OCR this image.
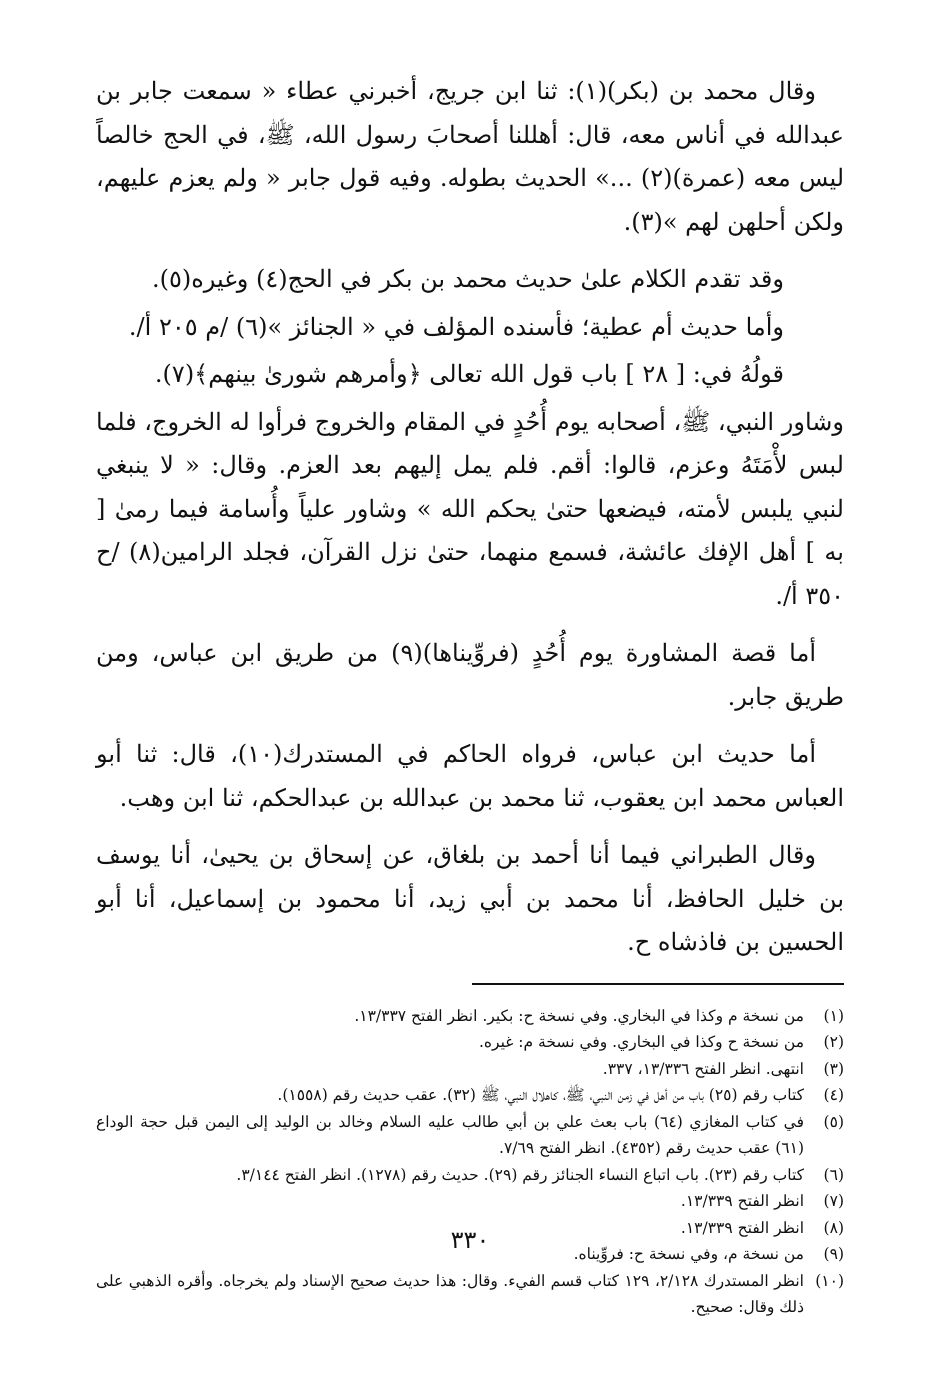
وقال محمد بن (بكر)(١): ثنا ابن جريج، أخبرني عطاء « سمعت جابر بن عبدالله في أناس معه، قال: أهللنا أصحابَ رسول الله، ﷺ، في الحج خالصاً ليس معه (عمرة)(٢) ...» الحديث بطوله. وفيه قول جابر « ولم يعزم عليهم، ولكن أحلهن لهم »(٣).

وقد تقدم الكلام علىٰ حديث محمد بن بكر في الحج(٤) وغيره(٥).

وأما حديث أم عطية؛ فأسنده المؤلف في « الجنائز »(٦) /م ٢٠٥ أ/.

قولُهُ في: [ ٢٨ ] باب قول الله تعالى ﴿وأمرهم شورىٰ بينهم﴾(٧).

وشاور النبي، ﷺ، أصحابه يوم أُحُدٍ في المقام والخروج فرأوا له الخروج، فلما لبس لأْمَتَهُ وعزم، قالوا: أقم. فلم يمل إليهم بعد العزم. وقال: « لا ينبغي لنبي يلبس لأمته، فيضعها حتىٰ يحكم الله » وشاور علياً وأُسامة فيما رمىٰ [ به ] أهل الإفك عائشة، فسمع منهما، حتىٰ نزل القرآن، فجلد الرامين(٨) /ح ٣٥٠ أ/.

أما قصة المشاورة يوم أُحُدٍ (فروِّيناها)(٩) من طريق ابن عباس، ومن طريق جابر.

أما حديث ابن عباس، فرواه الحاكم في المستدرك(١٠)، قال: ثنا أبو العباس محمد ابن يعقوب، ثنا محمد بن عبدالله بن عبدالحكم، ثنا ابن وهب.

وقال الطبراني فيما أنا أحمد بن بلغاق، عن إسحاق بن يحيىٰ، أنا يوسف بن خليل الحافظ، أنا محمد بن أبي زيد، أنا محمود بن إسماعيل، أنا أبو الحسين بن فاذشاه ح.

(١)
من نسخة م وكذا في البخاري. وفي نسخة ح: بكير. انظر الفتح ١٣/٣٣٧.
(٢)
من نسخة ح وكذا في البخاري. وفي نسخة م: غيره.
(٣)
انتهى. انظر الفتح ١٣/٣٣٦، ٣٣٧.
(٤)
كتاب رقم (٢٥) باب من أهل في زمن النبي، ﷺ، كاهلال النبي، ﷺ (٣٢). عقب حديث رقم (١٥٥٨).
(٥)
في كتاب المغازي (٦٤) باب بعث علي بن أبي طالب عليه السلام وخالد بن الوليد إلى اليمن قبل حجة الوداع (٦١) عقب حديث رقم (٤٣٥٢). انظر الفتح ٧/٦٩.
(٦)
كتاب رقم (٢٣). باب اتباع النساء الجنائز رقم (٢٩). حديث رقم (١٢٧٨). انظر الفتح ٣/١٤٤.
(٧)
انظر الفتح ١٣/٣٣٩.
(٨)
انظر الفتح ١٣/٣٣٩.
(٩)
من نسخة م، وفي نسخة ح: فروِّيناه.
(١٠)
انظر المستدرك ٢/١٢٨، ١٢٩ كتاب قسم الفيء. وقال: هذا حديث صحيح الإسناد ولم يخرجاه. وأقره الذهبي على ذلك وقال: صحيح.
٣٣٠
